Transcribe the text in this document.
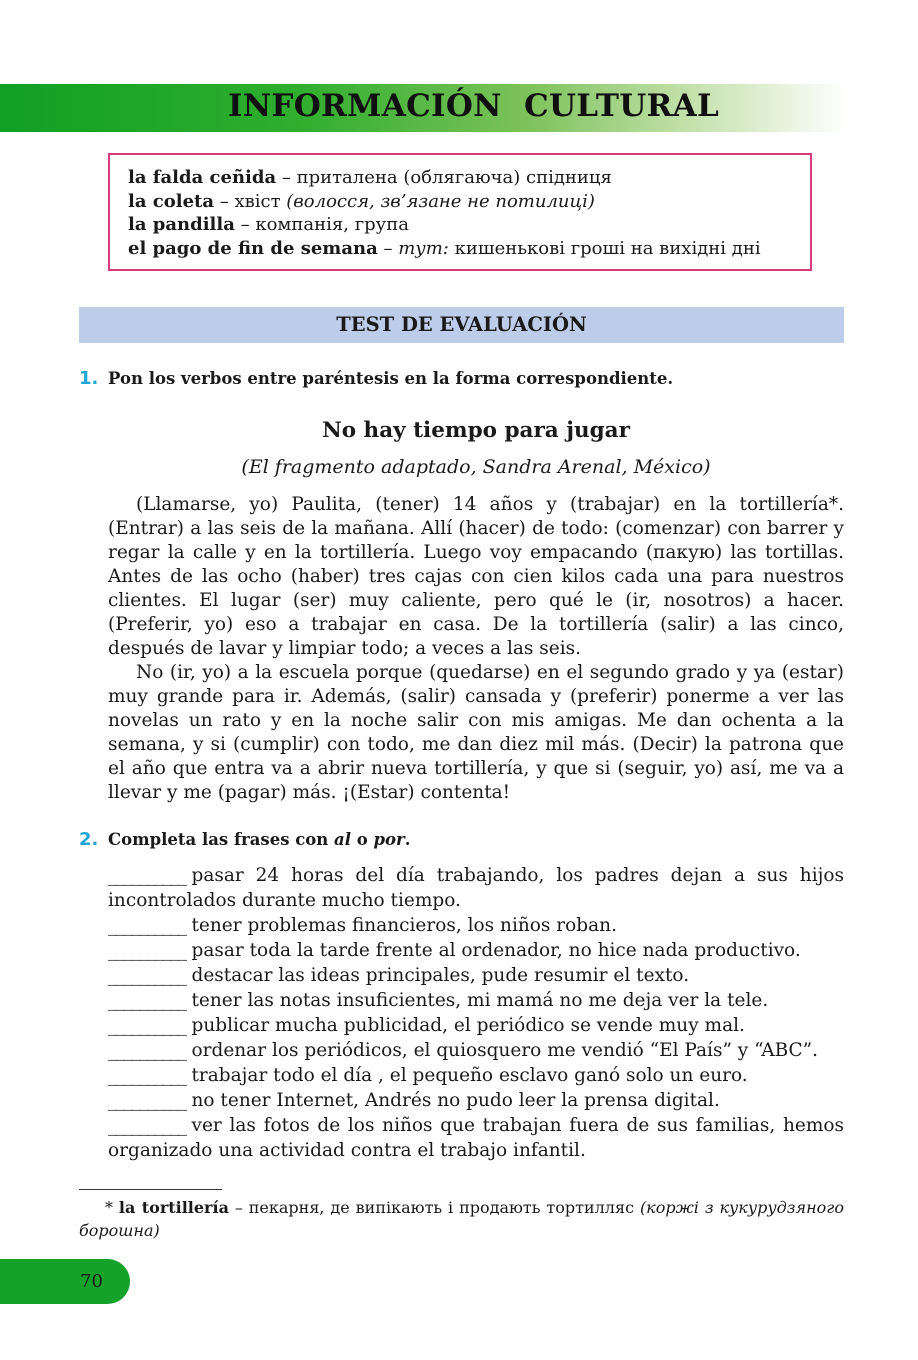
INFORMACIÓN  CULTURAL
la falda ceñida – приталена (облягаюча) спідниця
la coleta – хвіст (волосся, зв’язане не потилиці)
la pandilla – компанія, група
el pago de fin de semana – тут: кишенькові гроші на вихідні дні
TEST DE EVALUACIÓN
1. Pon los verbos entre paréntesis en la forma correspondiente.
No hay tiempo para jugar
(El fragmento adaptado, Sandra Arenal, México)

(Llamarse, yo) Paulita, (tener) 14 años y (trabajar) en la tortillería*. (Entrar) a las seis de la mañana. Allí (hacer) de todo: (comenzar) con barrer y regar la calle y en la tortillería. Luego voy empacando (пакую) las tortillas. Antes de las ocho (haber) tres cajas con cien kilos cada una para nuestros clientes. El lugar (ser) muy caliente, pero qué le (ir, nosotros) a hacer. (Preferir, yo) eso a trabajar en casa. De la tortillería (salir) a las cinco, después de lavar y limpiar todo; a veces a las seis.

No (ir, yo) a la escuela porque (quedarse) en el segundo grado y ya (estar) muy grande para ir. Además, (salir) cansada y (preferir) ponerme a ver las novelas un rato y en la noche salir con mis amigas. Me dan ochenta a la semana, y si (cumplir) con todo, me dan diez mil más. (Decir) la patrona que el año que entra va a abrir nueva tortillería, y que si (seguir, yo) así, me va a llevar y me (pagar) más. ¡(Estar) contenta!

2. Completa las frases con al o por.

__________ pasar 24 horas del día trabajando, los padres dejan a sus hijos incontrolados durante mucho tiempo.

__________ tener problemas financieros, los niños roban.

__________ pasar toda la tarde frente al ordenador, no hice nada productivo.

__________ destacar las ideas principales, pude resumir el texto.

__________ tener las notas insuficientes, mi mamá no me deja ver la tele.

__________ publicar mucha publicidad, el periódico se vende muy mal.

__________ ordenar los periódicos, el quiosquero me vendió “El País” y “ABC”.

__________ trabajar todo el día , el pequeño esclavo ganó solo un euro.

__________ no tener Internet, Andrés no pudo leer la prensa digital.

__________ ver las fotos de los niños que trabajan fuera de sus familias, hemos organizado una actividad contra el trabajo infantil.

* la tortillería – пекарня, де випікають і продають тортилляс (коржі з кукурудзяного борошна)
70
